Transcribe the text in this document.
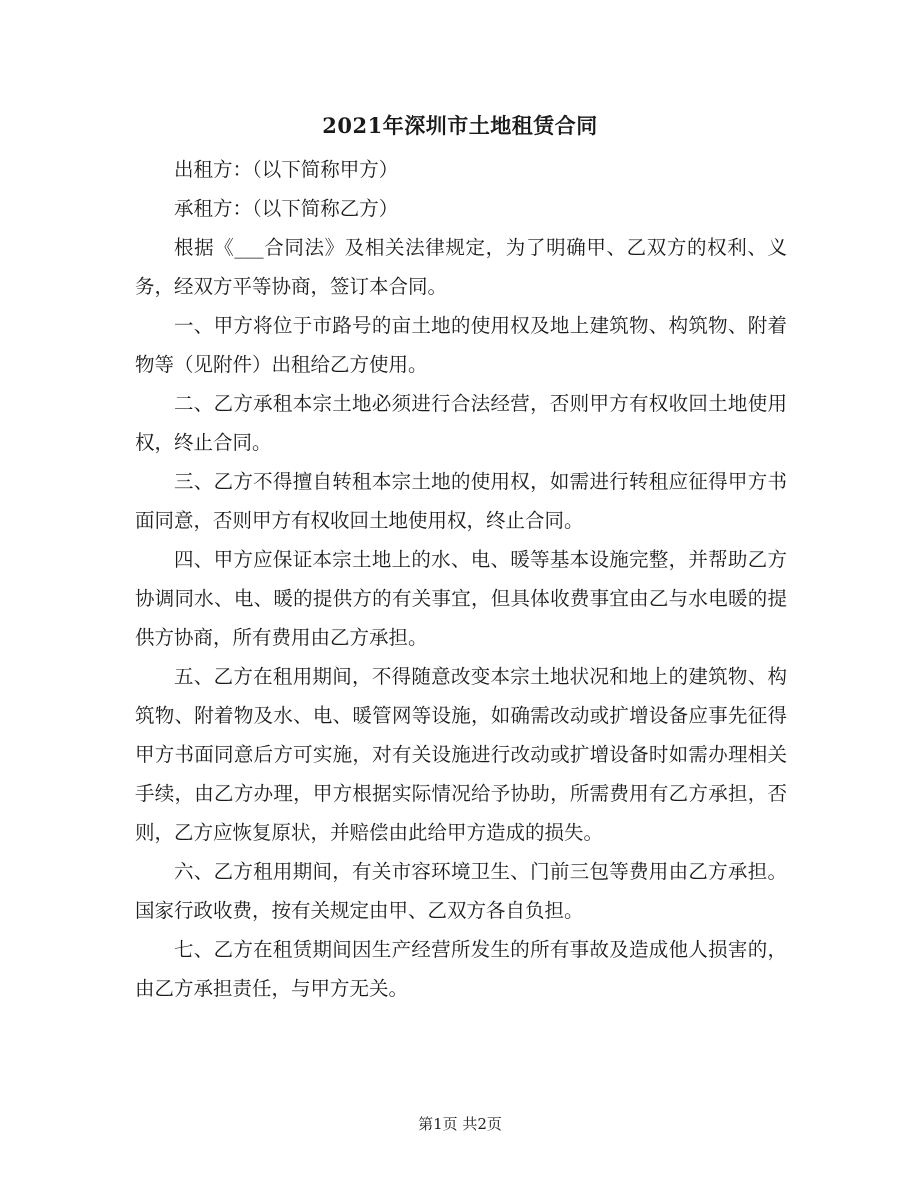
2021年深圳市土地租赁合同

出租方：（以下简称甲方）

承租方：（以下简称乙方）

根据《___合同法》及相关法律规定，为了明确甲、乙双方的权利、义务，经双方平等协商，签订本合同。

一、甲方将位于市路号的亩土地的使用权及地上建筑物、构筑物、附着物等（见附件）出租给乙方使用。

二、乙方承租本宗土地必须进行合法经营，否则甲方有权收回土地使用权，终止合同。

三、乙方不得擅自转租本宗土地的使用权，如需进行转租应征得甲方书面同意，否则甲方有权收回土地使用权，终止合同。

四、甲方应保证本宗土地上的水、电、暖等基本设施完整，并帮助乙方协调同水、电、暖的提供方的有关事宜，但具体收费事宜由乙与水电暖的提供方协商，所有费用由乙方承担。

五、乙方在租用期间，不得随意改变本宗土地状况和地上的建筑物、构筑物、附着物及水、电、暖管网等设施，如确需改动或扩增设备应事先征得甲方书面同意后方可实施，对有关设施进行改动或扩增设备时如需办理相关手续，由乙方办理，甲方根据实际情况给予协助，所需费用有乙方承担，否则，乙方应恢复原状，并赔偿由此给甲方造成的损失。

六、乙方租用期间，有关市容环境卫生、门前三包等费用由乙方承担。国家行政收费，按有关规定由甲、乙双方各自负担。

七、乙方在租赁期间因生产经营所发生的所有事故及造成他人损害的，由乙方承担责任，与甲方无关。

第1页 共2页
